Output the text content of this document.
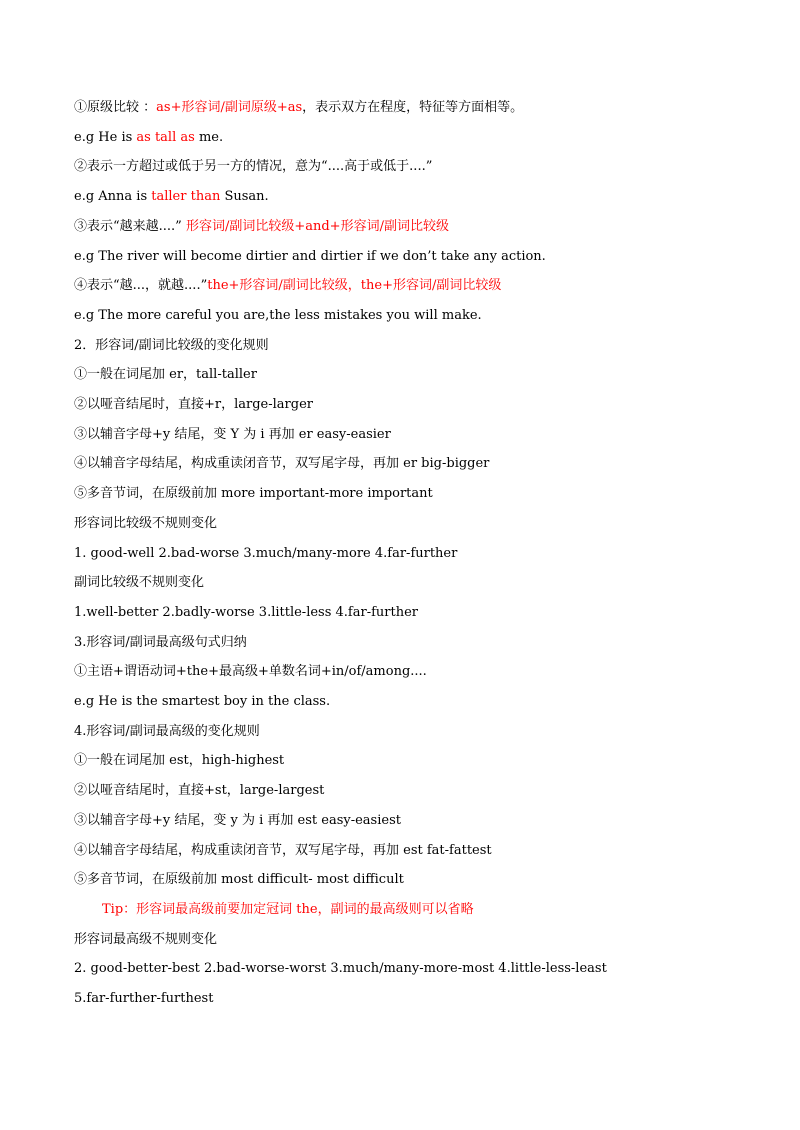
①原级比较 ：as+形容词/副词原级+as，表示双方在程度，特征等方面相等。
e.g He is as tall as me.
②表示一方超过或低于另一方的情况，意为“....高于或低于....”
e.g Anna is taller than Susan.
③表示“越来越....” 形容词/副词比较级+and+形容词/副词比较级
e.g The river will become dirtier and dirtier if we don’t take any action.
④表示“越...，就越....”the+形容词/副词比较级，the+形容词/副词比较级
e.g The more careful you are,the less mistakes you will make.
2．形容词/副词比较级的变化规则
①一般在词尾加 er，tall-taller
②以哑音结尾时，直接+r，large-larger
③以辅音字母+y 结尾，变 Y 为 i 再加 er easy-easier
④以辅音字母结尾，构成重读闭音节，双写尾字母，再加 er big-bigger
⑤多音节词，在原级前加 more important-more important
形容词比较级不规则变化
1. good-well 2.bad-worse 3.much/many-more 4.far-further
副词比较级不规则变化
1.well-better 2.badly-worse 3.little-less 4.far-further
3.形容词/副词最高级句式归纳
①主语+谓语动词+the+最高级+单数名词+in/of/among....
e.g He is the smartest boy in the class.
4.形容词/副词最高级的变化规则
①一般在词尾加 est，high-highest
②以哑音结尾时，直接+st，large-largest
③以辅音字母+y 结尾，变 y 为 i 再加 est easy-easiest
④以辅音字母结尾，构成重读闭音节，双写尾字母，再加 est fat-fattest
⑤多音节词，在原级前加 most difficult- most difficult
Tip：形容词最高级前要加定冠词 the，副词的最高级则可以省略
形容词最高级不规则变化
2. good-better-best 2.bad-worse-worst 3.much/many-more-most 4.little-less-least
5.far-further-furthest
